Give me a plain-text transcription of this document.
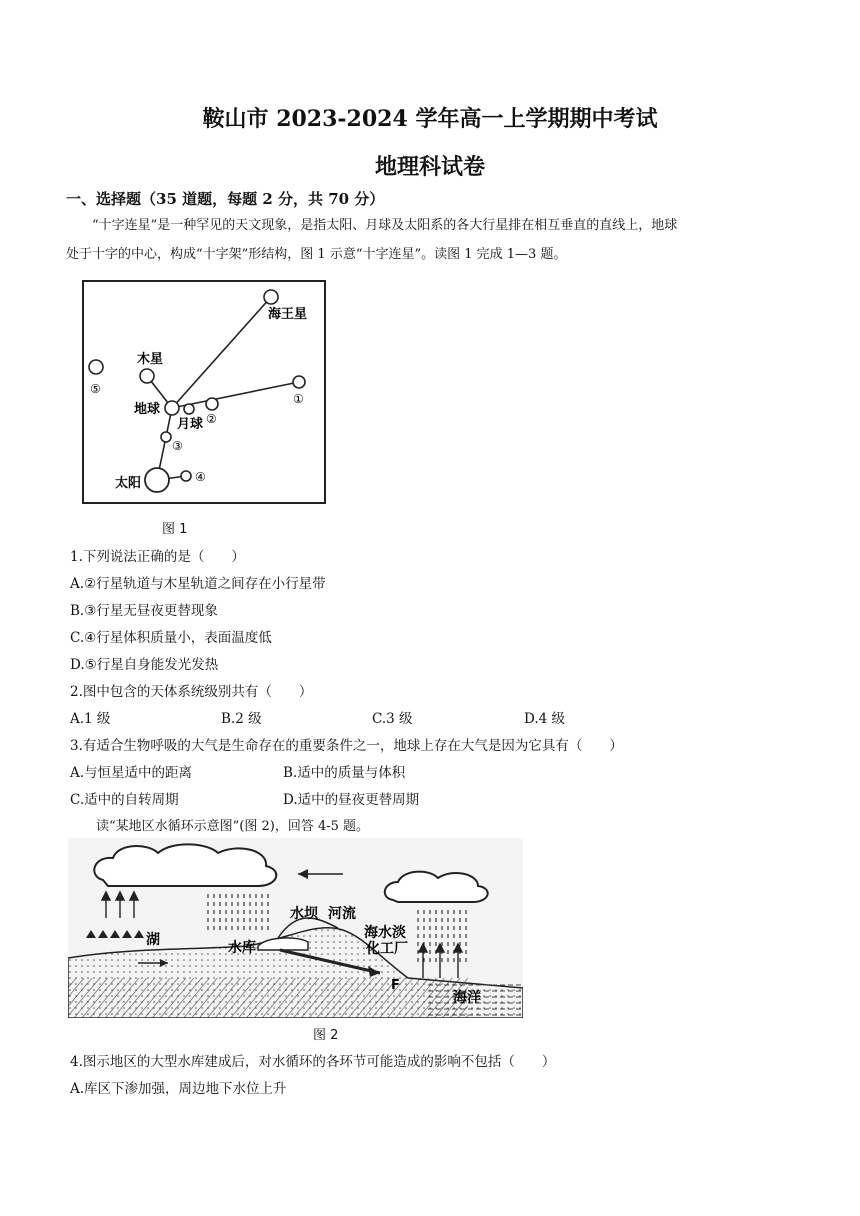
鞍山市 2023-2024 学年高一上学期期中考试
地理科试卷
一、选择题（35 道题，每题 2 分，共 70 分）
“十字连星”是一种罕见的天文现象，是指太阳、月球及太阳系的各大行星排在相互垂直的直线上，地球
处于十字的中心，构成“十字架”形结构，图 1 示意“十字连星”。读图 1 完成 1—3 题。
海王星
木星
⑤
①
地球
月球 ②
③
太阳	④
图 1
1.下列说法正确的是（　　）
A.②行星轨道与木星轨道之间存在小行星带
B.③行星无昼夜更替现象
C.④行星体积质量小，表面温度低
D.⑤行星自身能发光发热
2.图中包含的天体系统级别共有（　　）
A.1 级	B.2 级	C.3 级	D.4 级
3.有适合生物呼吸的大气是生命存在的重要条件之一，地球上存在大气是因为它具有（　　）
A.与恒星适中的距离	B.适中的质量与体积
C.适中的自转周期	D.适中的昼夜更替周期
读“某地区水循环示意图”(图 2)，回答 4-5 题。
水坝 河流
海水淡
化工厂
湖	水库
海洋
F
图 2
4.图示地区的大型水库建成后，对水循环的各环节可能造成的影响不包括（　　）
A.库区下渗加强，周边地下水位上升
